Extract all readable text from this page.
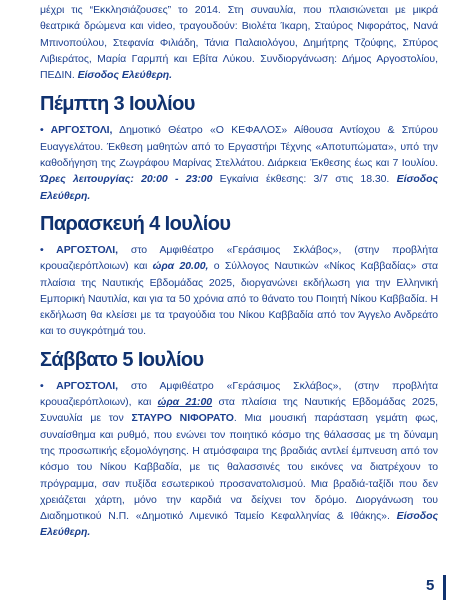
μέχρι τις “Εκκλησιάζουσες” το 2014. Στη συναυλία, που πλαισιώνεται με μικρά θεατρικά δρώμενα και video, τραγουδούν: Βιολέτα Ίκαρη, Σταύρος Νιφοράτος, Νανά Μπινοπούλου, Στεφανία Φιλιάδη, Τάνια Παλαιολόγου, Δημήτρης Τζούφης, Σπύρος Λιβιεράτος, Μαρία Γαρμπή και Εβίτα Λύκου. Συνδιοργάνωση: Δήμος Αργοστολίου, ΠΕΔΙΝ. Είσοδος Ελεύθερη.

Πέμπτη 3 Ιουλίου

• ΑΡΓΟΣΤΟΛΙ, Δημοτικό Θέατρο «Ο ΚΕΦΑΛΟΣ» Αίθουσα Αντίοχου & Σπύρου Ευαγγελάτου. Έκθεση μαθητών από το Εργαστήρι Τέχνης «Αποτυπώματα», υπό την καθοδήγηση της Ζωγράφου Μαρίνας Στελλάτου. Διάρκεια Έκθεσης έως και 7 Ιουλίου. Ώρες λειτουργίας: 20:00 - 23:00 Εγκαίνια έκθεσης: 3/7 στις 18.30. Είσοδος Ελεύθερη.

Παρασκευή 4 Ιουλίου

• ΑΡΓΟΣΤΟΛΙ, στο Αμφιθέατρο «Γεράσιμος Σκλάβος», (στην προβλήτα κρουαζιερόπλοιων) και ώρα 20.00, ο Σύλλογος Ναυτικών «Νίκος Καββαδίας» στα πλαίσια της Ναυτικής Εβδομάδας 2025, διοργανώνει εκδήλωση για την Ελληνική Εμπορική Ναυτιλία, και για τα 50 χρόνια από το θάνατο του Ποιητή Νίκου Καββαδία. Η εκδήλωση θα κλείσει με τα τραγούδια του Νίκου Καββαδία από τον Άγγελο Ανδρεάτο και το συγκρότημά του.

Σάββατο 5 Ιουλίου

• ΑΡΓΟΣΤΟΛΙ, στο Αμφιθέατρο «Γεράσιμος Σκλάβος», (στην προβλήτα κρουαζιερόπλοιων), και ώρα 21:00 στα πλαίσια της Ναυτικής Εβδομάδας 2025, Συναυλία με τον ΣΤΑΥΡΟ ΝΙΦΟΡΑΤΟ. Μια μουσική παράσταση γεμάτη φως, συναίσθημα και ρυθμό, που ενώνει τον ποιητικό κόσμο της θάλασσας με τη δύναμη της προσωπικής εξομολόγησης. Η ατμόσφαιρα της βραδιάς αντλεί έμπνευση από τον κόσμο του Νίκου Καββαδία, με τις θαλασσινές του εικόνες να διατρέχουν το πρόγραμμα, σαν πυξίδα εσωτερικού προσανατολισμού. Μια βραδιά-ταξίδι που δεν χρειάζεται χάρτη, μόνο την καρδιά να δείχνει τον δρόμο. Διοργάνωση του Διαδημοτικού Ν.Π. «Δημοτικό Λιμενικό Ταμείο Κεφαλληνίας & Ιθάκης». Είσοδος Ελεύθερη.

5
